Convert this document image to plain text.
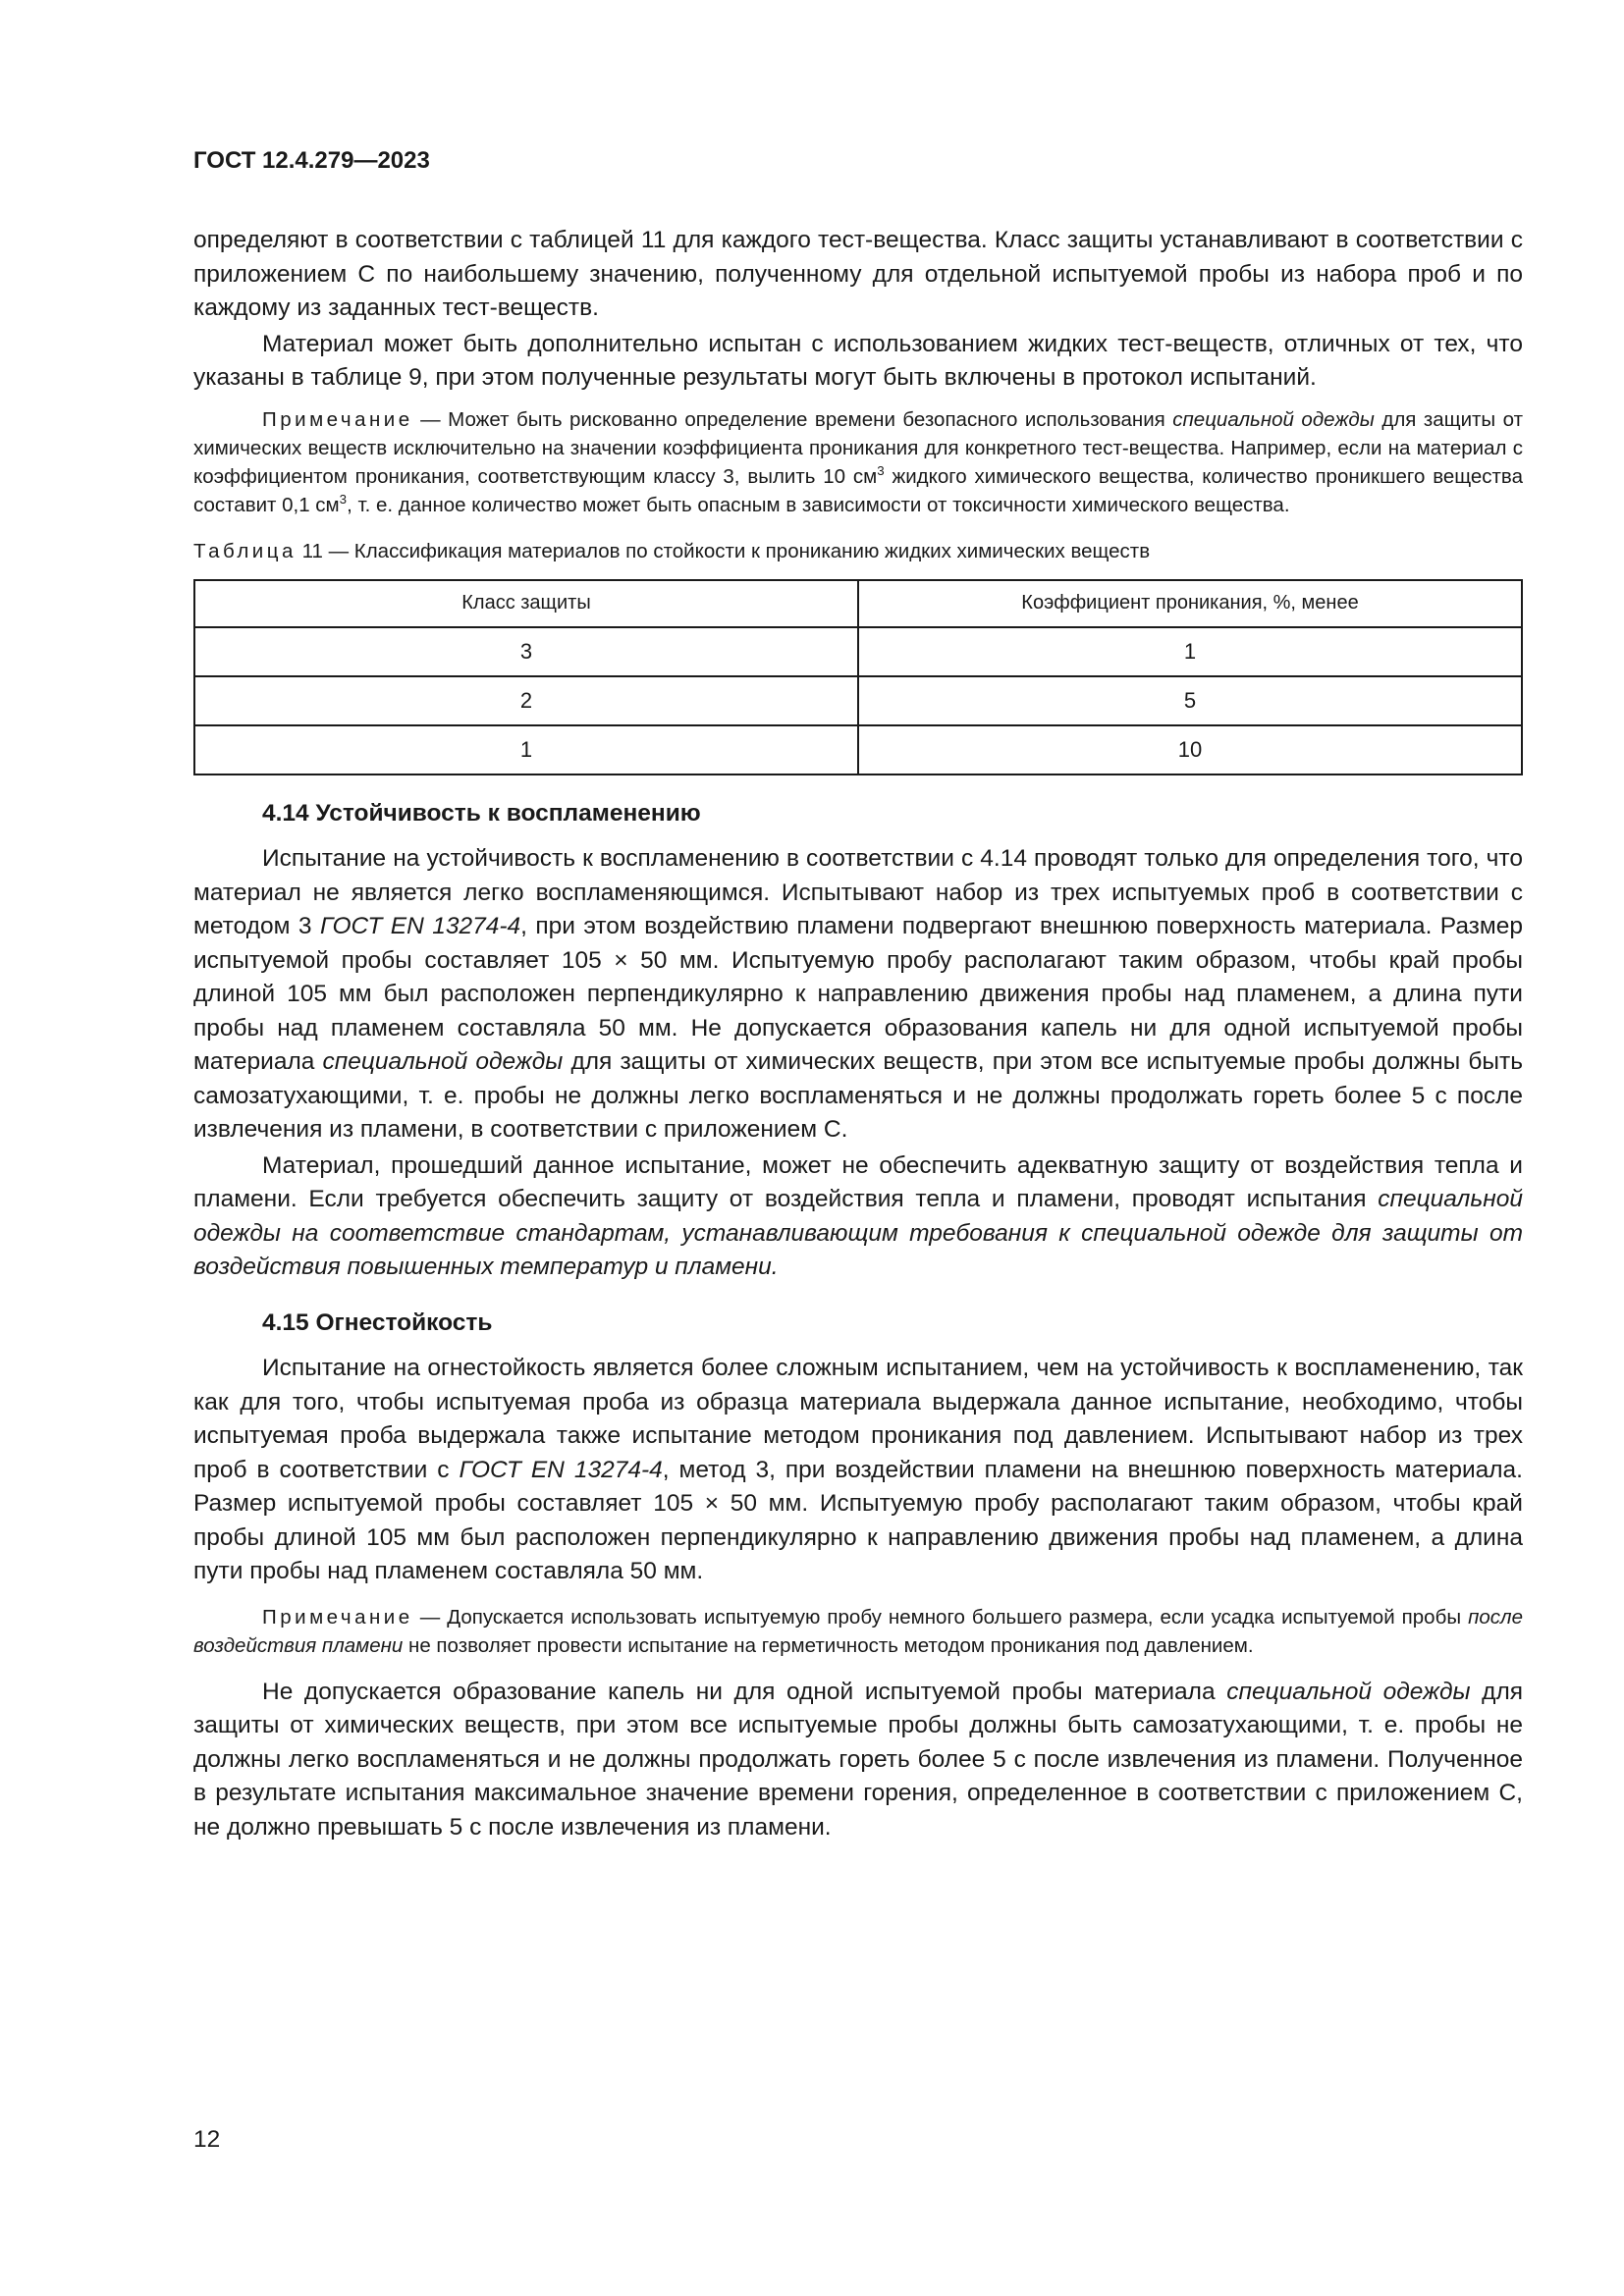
ГОСТ 12.4.279—2023

определяют в соответствии с таблицей 11 для каждого тест-вещества. Класс защиты устанавливают в соответствии с приложением С по наибольшему значению, полученному для отдельной испытуемой пробы из набора проб и по каждому из заданных тест-веществ.

Материал может быть дополнительно испытан с использованием жидких тест-веществ, отличных от тех, что указаны в таблице 9, при этом полученные результаты могут быть включены в протокол испытаний.

Примечание — Может быть рискованно определение времени безопасного использования специальной одежды для защиты от химических веществ исключительно на значении коэффициента проникания для конкретного тест-вещества. Например, если на материал с коэффициентом проникания, соответствующим классу 3, вылить 10 $см^3$ жидкого химического вещества, количество проникшего вещества составит 0,1 $см^3$, т. е. данное количество может быть опасным в зависимости от токсичности химического вещества.

Таблица 11 — Классификация материалов по стойкости к прониканию жидких химических веществ

Класс защиты	Коэффициент проникания, %, менее
3	1
2	5
1	10
4.14 Устойчивость к воспламенению

Испытание на устойчивость к воспламенению в соответствии с 4.14 проводят только для определения того, что материал не является легко воспламеняющимся. Испытывают набор из трех испытуемых проб в соответствии с методом 3 ГОСТ EN 13274-4, при этом воздействию пламени подвергают внешнюю поверхность материала. Размер испытуемой пробы составляет 105 × 50 мм. Испытуемую пробу располагают таким образом, чтобы край пробы длиной 105 мм был расположен перпендикулярно к направлению движения пробы над пламенем, а длина пути пробы над пламенем составляла 50 мм. Не допускается образования капель ни для одной испытуемой пробы материала специальной одежды для защиты от химических веществ, при этом все испытуемые пробы должны быть самозатухающими, т. е. пробы не должны легко воспламеняться и не должны продолжать гореть более 5 с после извлечения из пламени, в соответствии с приложением С.

Материал, прошедший данное испытание, может не обеспечить адекватную защиту от воздействия тепла и пламени. Если требуется обеспечить защиту от воздействия тепла и пламени, проводят испытания специальной одежды на соответствие стандартам, устанавливающим требования к специальной одежде для защиты от воздействия повышенных температур и пламени.

4.15 Огнестойкость

Испытание на огнестойкость является более сложным испытанием, чем на устойчивость к воспламенению, так как для того, чтобы испытуемая проба из образца материала выдержала данное испытание, необходимо, чтобы испытуемая проба выдержала также испытание методом проникания под давлением. Испытывают набор из трех проб в соответствии с ГОСТ EN 13274-4, метод 3, при воздействии пламени на внешнюю поверхность материала. Размер испытуемой пробы составляет 105 × 50 мм. Испытуемую пробу располагают таким образом, чтобы край пробы длиной 105 мм был расположен перпендикулярно к направлению движения пробы над пламенем, а длина пути пробы над пламенем составляла 50 мм.

Примечание — Допускается использовать испытуемую пробу немного большего размера, если усадка испытуемой пробы после воздействия пламени не позволяет провести испытание на герметичность методом проникания под давлением.

Не допускается образование капель ни для одной испытуемой пробы материала специальной одежды для защиты от химических веществ, при этом все испытуемые пробы должны быть самозатухающими, т. е. пробы не должны легко воспламеняться и не должны продолжать гореть более 5 с после извлечения из пламени. Полученное в результате испытания максимальное значение времени горения, определенное в соответствии с приложением С, не должно превышать 5 с после извлечения из пламени.

12
